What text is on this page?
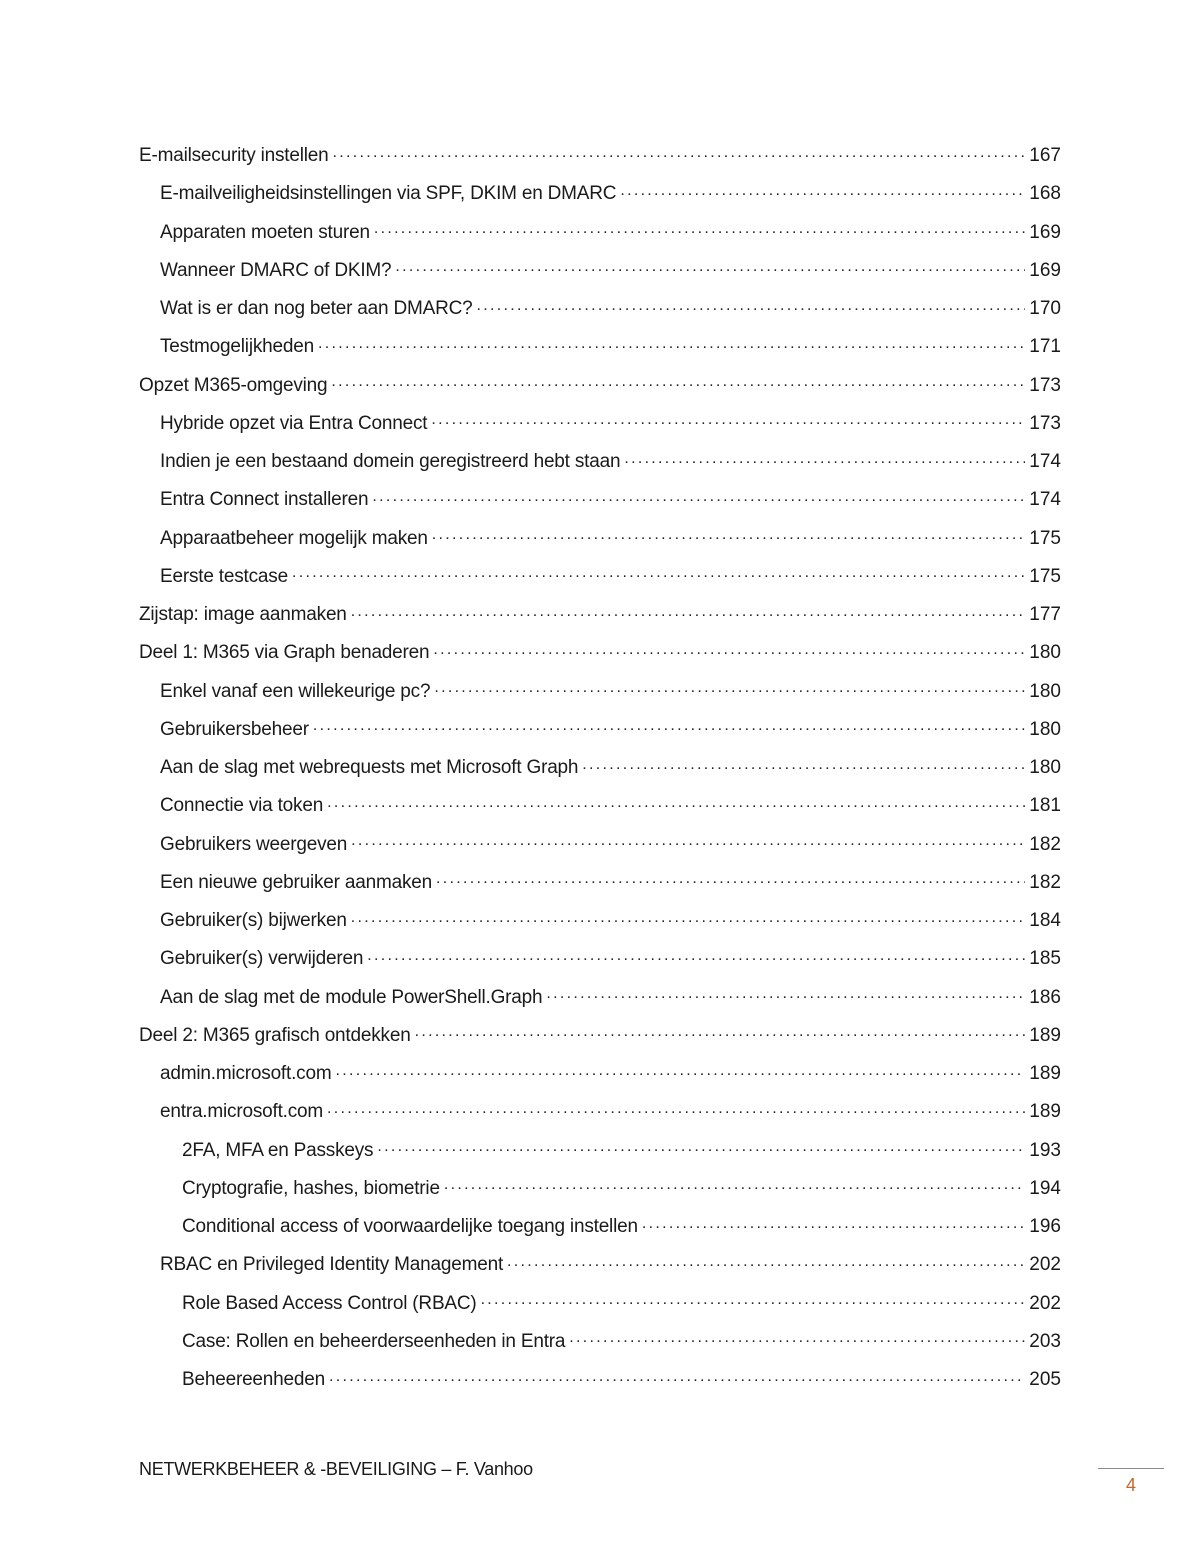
E-mailsecurity instellen .....	167
E-mailveiligheidsinstellingen via SPF, DKIM en DMARC .....	168
Apparaten moeten sturen .....	169
Wanneer DMARC of DKIM? .....	169
Wat is er dan nog beter aan DMARC? .....	170
Testmogelijkheden .....	171
Opzet M365-omgeving .....	173
Hybride opzet via Entra Connect .....	173
Indien je een bestaand domein geregistreerd hebt staan .....	174
Entra Connect installeren .....	174
Apparaatbeheer mogelijk maken .....	175
Eerste testcase .....	175
Zijstap: image aanmaken .....	177
Deel 1: M365 via Graph benaderen .....	180
Enkel vanaf een willekeurige pc? .....	180
Gebruikersbeheer .....	180
Aan de slag met webrequests met Microsoft Graph .....	180
Connectie via token .....	181
Gebruikers weergeven .....	182
Een nieuwe gebruiker aanmaken .....	182
Gebruiker(s) bijwerken .....	184
Gebruiker(s) verwijderen .....	185
Aan de slag met de module PowerShell.Graph .....	186
Deel 2: M365 grafisch ontdekken .....	189
admin.microsoft.com .....	189
entra.microsoft.com .....	189
2FA, MFA en Passkeys .....	193
Cryptografie, hashes, biometrie .....	194
Conditional access of voorwaardelijke toegang instellen .....	196
RBAC en Privileged Identity Management .....	202
Role Based Access Control (RBAC) .....	202
Case: Rollen en beheerderseenheden in Entra .....	203
Beheereenheden .....	205
NETWERKBEHEER & -BEVEILIGING – F. Vanhoo
4
